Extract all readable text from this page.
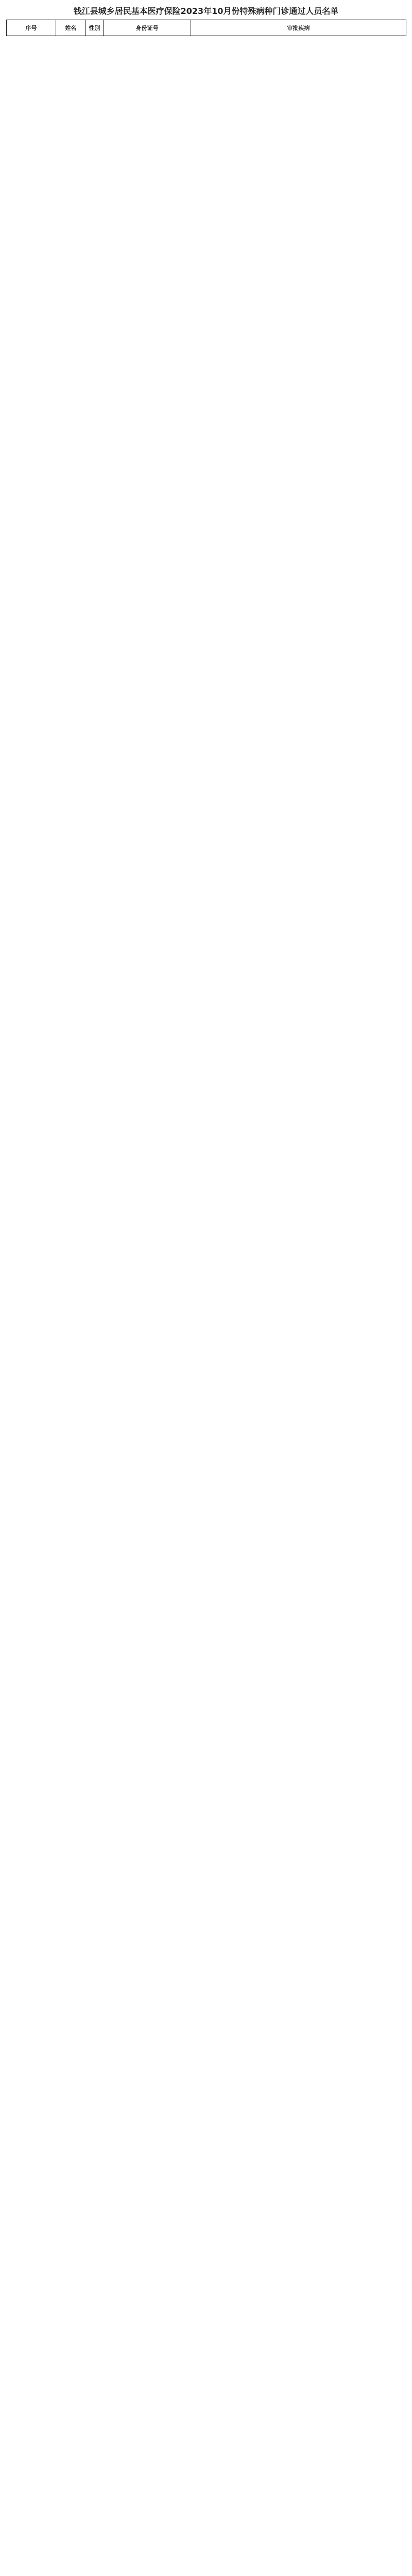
钱江县城乡居民基本医疗保险2023年10月份特殊病种门诊通过人员名单
序号	姓名	性别	身份证号	审批疾病
